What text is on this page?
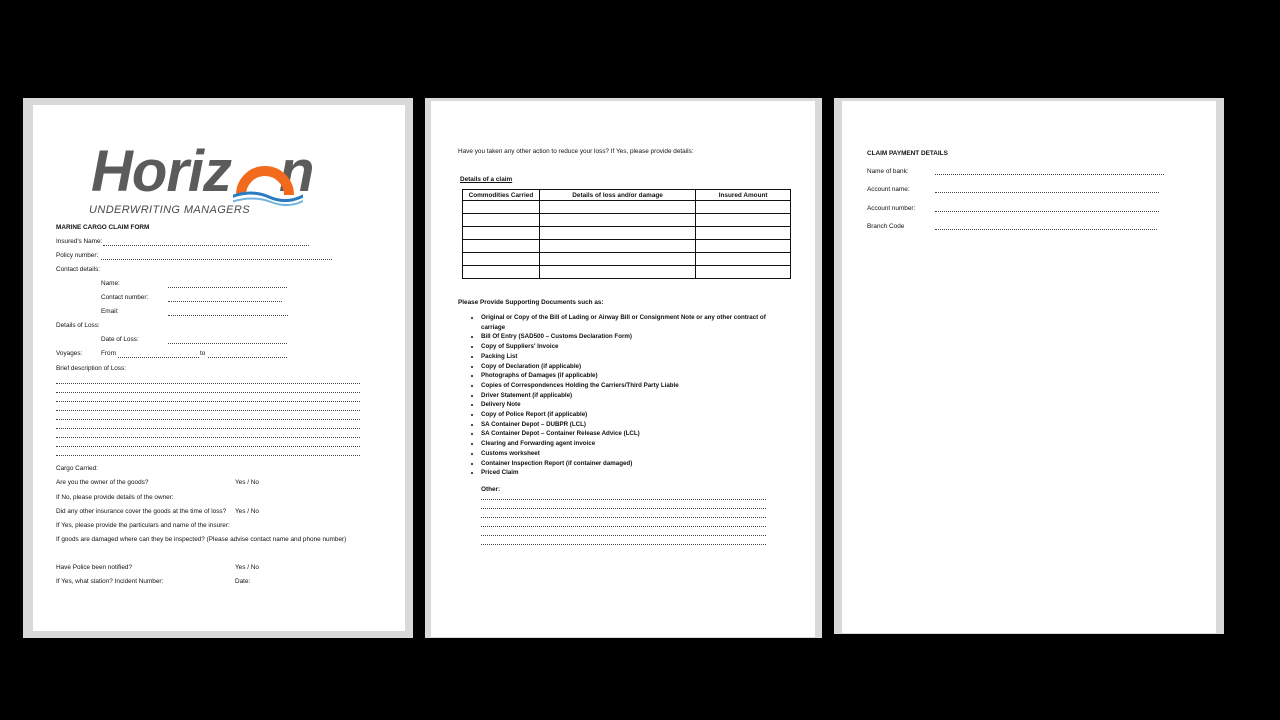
Horiz n
UNDERWRITING MANAGERS
MARINE CARGO CLAIM FORM
Insured's Name:
Policy number:
Contact details:
Name:
Contact number:
Email:
Details of Loss:
Date of Loss:
Voyages:	From	to
Brief description of Loss:
Cargo Carried:
Are you the owner of the goods?	Yes / No
If No, please provide details of the owner:
Did any other insurance cover the goods at the time of loss? Yes / No
If Yes, please provide the particulars and name of the insurer:
If goods are damaged where can they be inspected? (Please advise contact name and phone number)
Have Police been notified?	Yes / No
If Yes, what station? Incident Number:	Date:
Have you taken any other action to reduce your loss? If Yes, please provide details:
Details of a claim
Commodities Carried	Details of loss and/or damage	Insured Amount

Please Provide Supporting Documents such as:
• Original or Copy of the Bill of Lading or Airway Bill or Consignment Note or any other contract of carriage
• Bill Of Entry (SAD500 – Customs Declaration Form)
• Copy of Suppliers' Invoice
• Packing List
• Copy of Declaration (if applicable)
• Photographs of Damages (if applicable)
• Copies of Correspondences Holding the Carriers/Third Party Liable
• Driver Statement (if applicable)
• Delivery Note
• Copy of Police Report (if applicable)
• SA Container Depot – DUBPR (LCL)
• SA Container Depot – Container Release Advice (LCL)
• Clearing and Forwarding agent invoice
• Customs worksheet
• Container Inspection Report (if container damaged)
• Priced Claim
Other:
CLAIM PAYMENT DETAILS
Name of bank:
Account name:
Account number:
Branch Code
